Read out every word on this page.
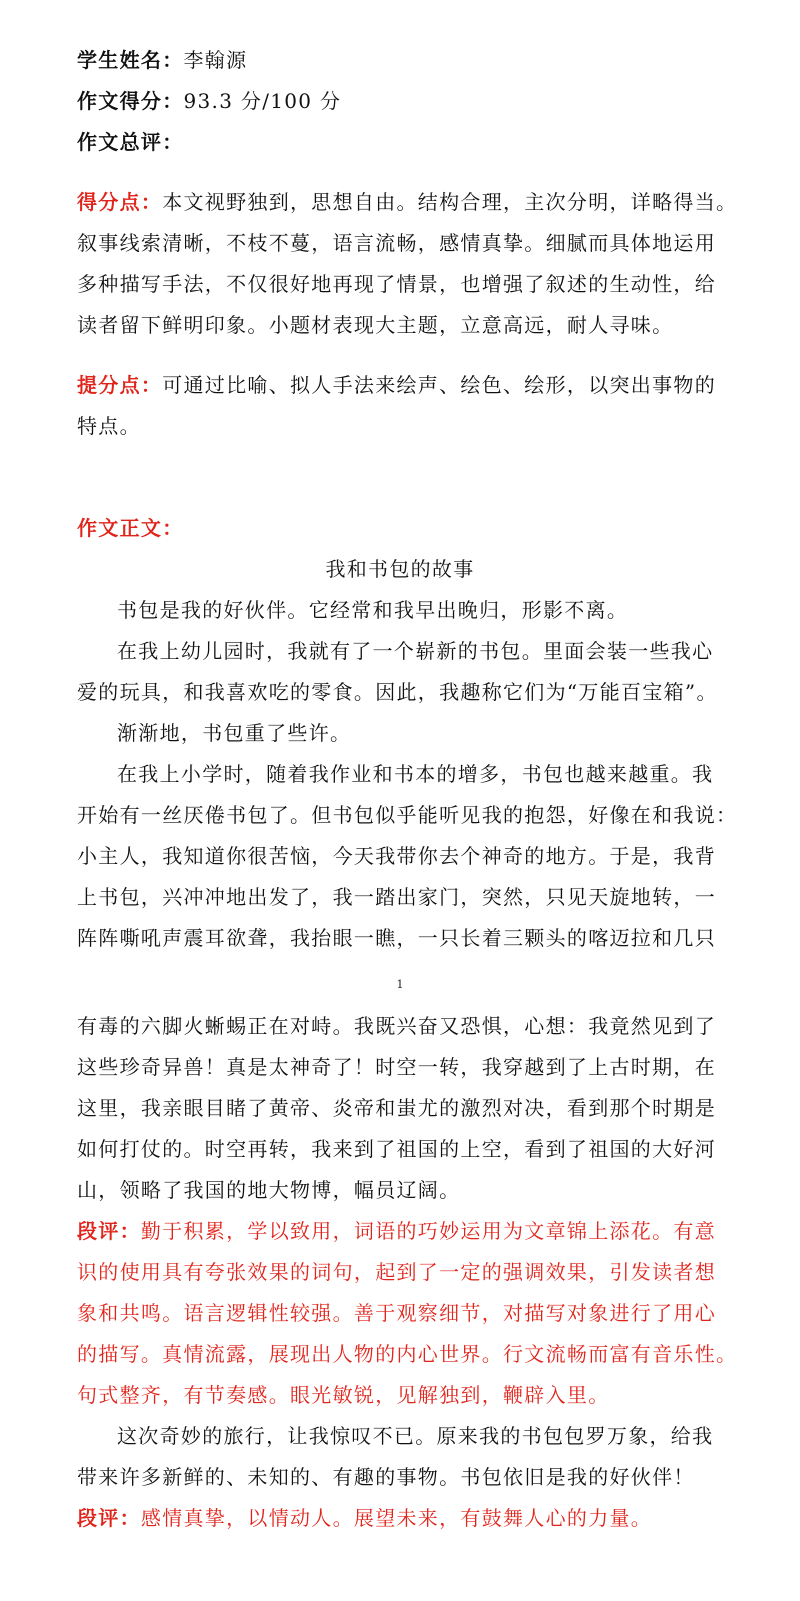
学生姓名：李翰源
作文得分：93.3 分/100 分
作文总评：
得分点：本文视野独到，思想自由。结构合理，主次分明，详略得当。
叙事线索清晰，不枝不蔓，语言流畅，感情真挚。细腻而具体地运用
多种描写手法，不仅很好地再现了情景，也增强了叙述的生动性，给
读者留下鲜明印象。小题材表现大主题，立意高远，耐人寻味。
提分点：可通过比喻、拟人手法来绘声、绘色、绘形，以突出事物的
特点。
作文正文：
我和书包的故事
书包是我的好伙伴。它经常和我早出晚归，形影不离。
在我上幼儿园时，我就有了一个崭新的书包。里面会装一些我心
爱的玩具，和我喜欢吃的零食。因此，我趣称它们为“万能百宝箱”。
渐渐地，书包重了些许。
在我上小学时，随着我作业和书本的增多，书包也越来越重。我
开始有一丝厌倦书包了。但书包似乎能听见我的抱怨，好像在和我说：
小主人，我知道你很苦恼，今天我带你去个神奇的地方。于是，我背
上书包，兴冲冲地出发了，我一踏出家门，突然，只见天旋地转，一
阵阵嘶吼声震耳欲聋，我抬眼一瞧，一只长着三颗头的喀迈拉和几只
1
有毒的六脚火蜥蜴正在对峙。我既兴奋又恐惧，心想：我竟然见到了
这些珍奇异兽！真是太神奇了！时空一转，我穿越到了上古时期，在
这里，我亲眼目睹了黄帝、炎帝和蚩尤的激烈对决，看到那个时期是
如何打仗的。时空再转，我来到了祖国的上空，看到了祖国的大好河
山，领略了我国的地大物博，幅员辽阔。
段评：勤于积累，学以致用，词语的巧妙运用为文章锦上添花。有意
识的使用具有夸张效果的词句，起到了一定的强调效果，引发读者想
象和共鸣。语言逻辑性较强。善于观察细节，对描写对象进行了用心
的描写。真情流露，展现出人物的内心世界。行文流畅而富有音乐性。
句式整齐，有节奏感。眼光敏锐，见解独到，鞭辟入里。
这次奇妙的旅行，让我惊叹不已。原来我的书包包罗万象，给我
带来许多新鲜的、未知的、有趣的事物。书包依旧是我的好伙伴！
段评：感情真挚，以情动人。展望未来，有鼓舞人心的力量。
